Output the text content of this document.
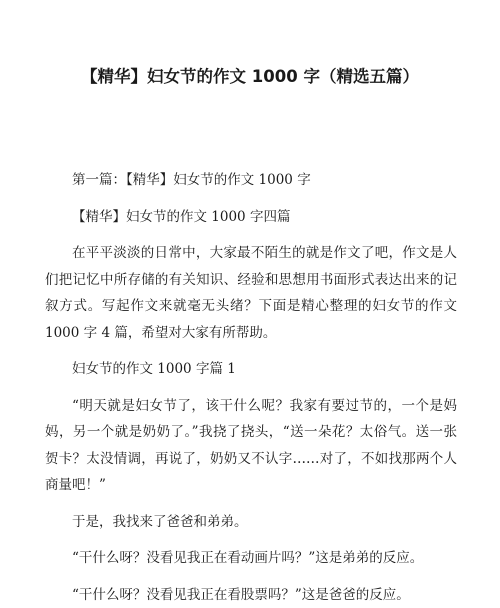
【精华】妇女节的作文 1000 字（精选五篇）

第一篇：【精华】妇女节的作文 1000 字

【精华】妇女节的作文 1000 字四篇

在平平淡淡的日常中，大家最不陌生的就是作文了吧，作文是人们把记忆中所存储的有关知识、经验和思想用书面形式表达出来的记叙方式。写起作文来就毫无头绪？下面是精心整理的妇女节的作文 1000 字 4 篇，希望对大家有所帮助。

妇女节的作文 1000 字篇 1

“明天就是妇女节了，该干什么呢？我家有要过节的，一个是妈妈，另一个就是奶奶了。”我挠了挠头，“送一朵花？太俗气。送一张贺卡？太没情调，再说了，奶奶又不认字……对了，不如找那两个人商量吧！”

于是，我找来了爸爸和弟弟。

“干什么呀？没看见我正在看动画片吗？”这是弟弟的反应。

“干什么呀？没看见我正在看股票吗？”这是爸爸的反应。
